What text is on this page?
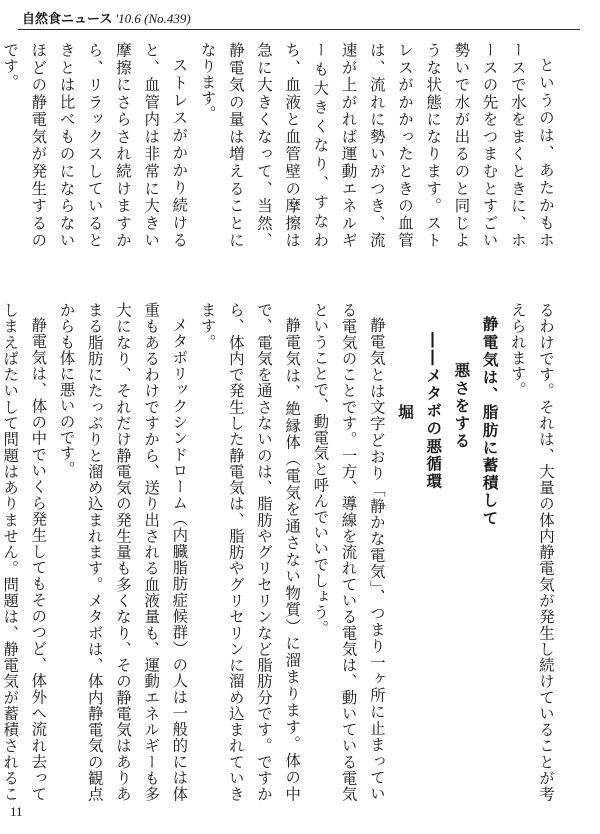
自然食ニュース '10.6 (No.439)

というのは、あたかもホースで水をまくときに、ホースの先をつまむとすごい勢いで水が出るのと同じような状態になります。ストレスがかかったときの血管は、流れに勢いがつき、流速が上がれば運動エネルギーも大きくなり、すなわち、血液と血管壁の摩擦は急に大きくなって、当然、静電気の量は増えることになります。

ストレスがかかり続けると、血管内は非常に大きい摩擦にさらされ続けますから、リラックスしているときとは比べものにならないほどの静電気が発生するのです。

るわけです。それは、大量の体内静電気が発生し続けていることが考えられます。

静電気は、脂肪に蓄積して

悪さをする

――メタボの悪循環

堀

静電気とは文字どおり「静かな電気」、つまり一ヶ所に止まっている電気のことです。一方、導線を流れている電気は、動いている電気ということで、動電気と呼んでいいでしょう。

静電気は、絶縁体（電気を通さない物質）に溜まります。体の中で、電気を通さないのは、脂肪やグリセリンなど脂肪分です。ですから、体内で発生した静電気は、脂肪やグリセリンに溜め込まれていきます。

メタボリックシンドローム（内臓脂肪症候群）の人は一般的には体重もあるわけですから、送り出される血液量も、運動エネルギーも多大になり、それだけ静電気の発生量も多くなり、その静電気はありあまる脂肪にたっぷりと溜め込まれます。メタボは、体内静電気の観点からも体に悪いのです。

静電気は、体の中でいくら発生してもそのつど、体外へ流れ去ってしまえばたいして問題はありません。問題は、静電気が蓄積されるこ

11
